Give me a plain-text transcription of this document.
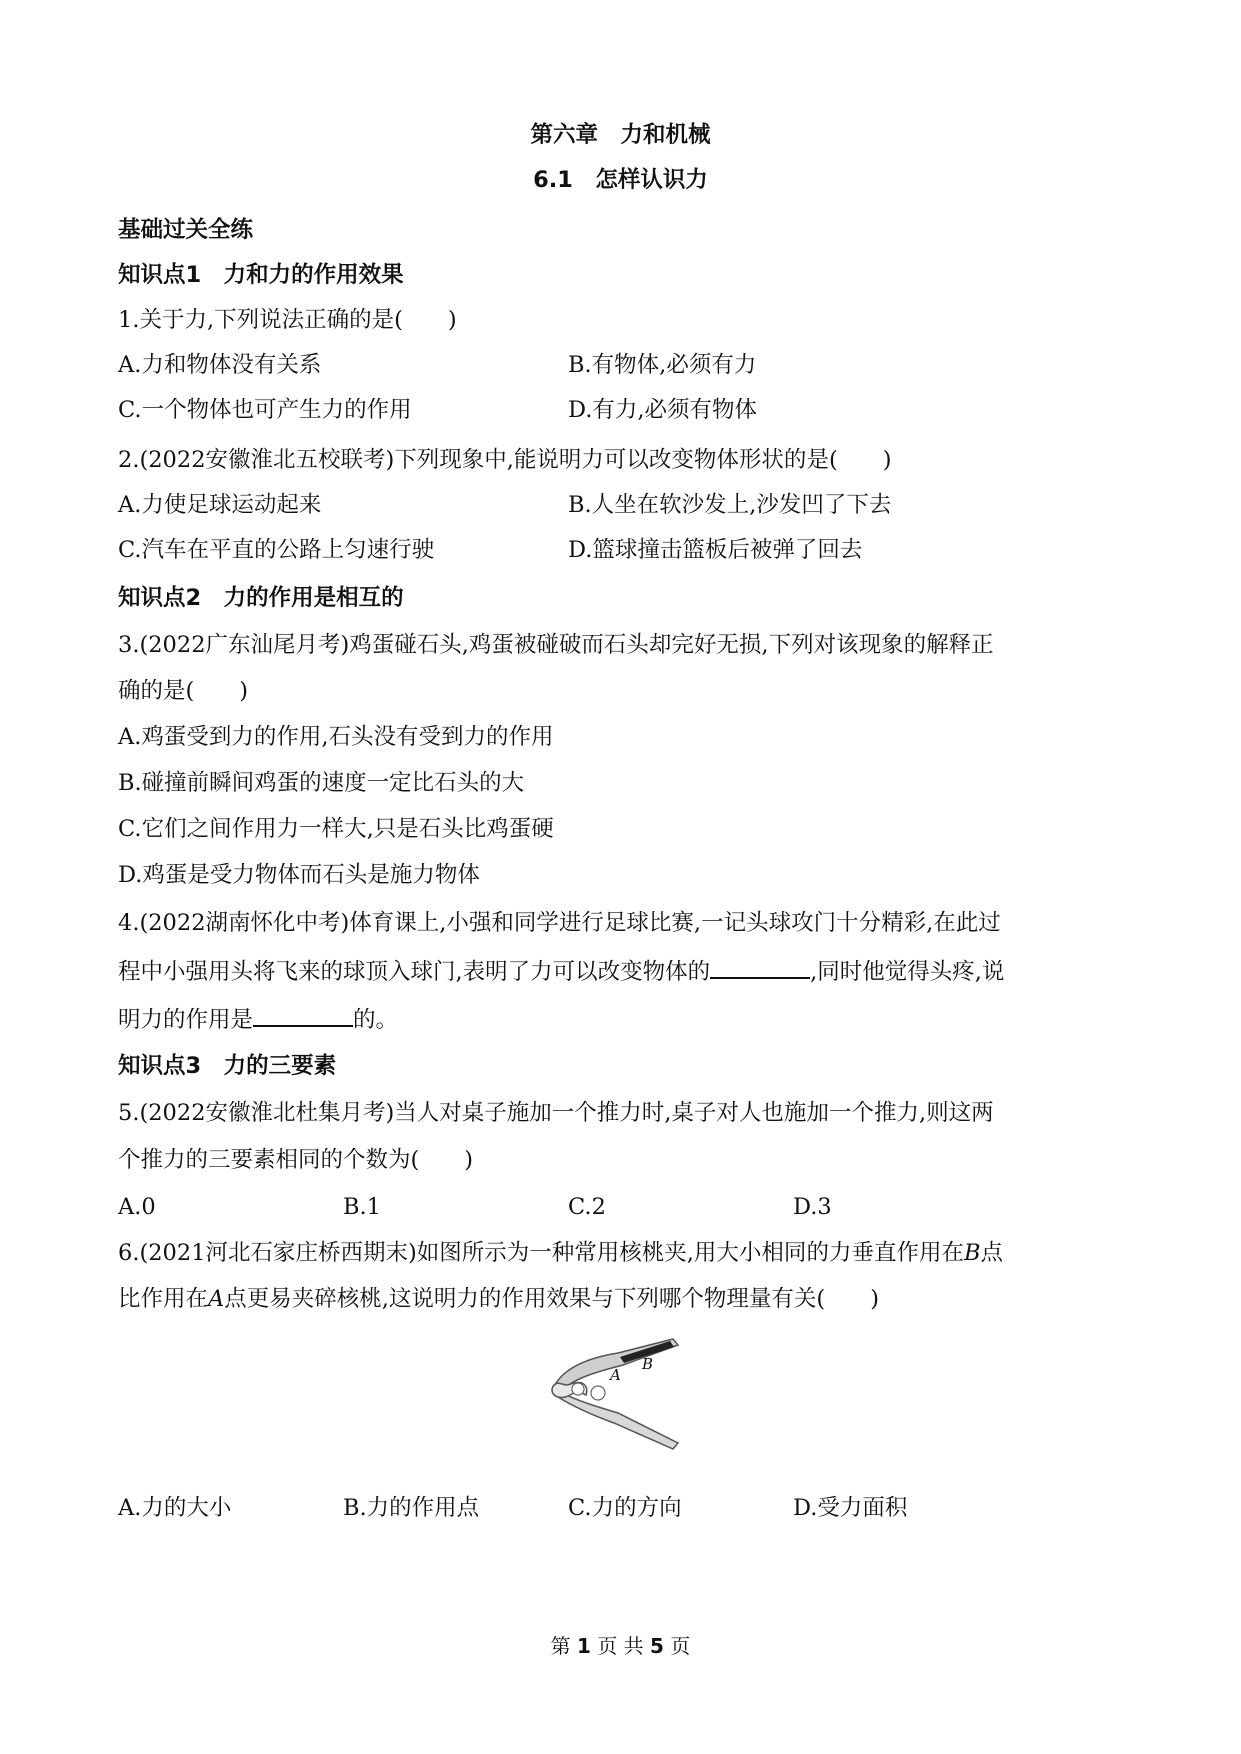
第六章　力和机械
6.1　怎样认识力
基础过关全练
知识点1　力和力的作用效果
1.关于力,下列说法正确的是(　　)
A.力和物体没有关系	B.有物体,必须有力
C.一个物体也可产生力的作用	D.有力,必须有物体
2.(2022安徽淮北五校联考)下列现象中,能说明力可以改变物体形状的是(　　)
A.力使足球运动起来	B.人坐在软沙发上,沙发凹了下去
C.汽车在平直的公路上匀速行驶	D.篮球撞击篮板后被弹了回去
知识点2　力的作用是相互的
3.(2022广东汕尾月考)鸡蛋碰石头,鸡蛋被碰破而石头却完好无损,下列对该现象的解释正
确的是(　　)
A.鸡蛋受到力的作用,石头没有受到力的作用
B.碰撞前瞬间鸡蛋的速度一定比石头的大
C.它们之间作用力一样大,只是石头比鸡蛋硬
D.鸡蛋是受力物体而石头是施力物体
4.(2022湖南怀化中考)体育课上,小强和同学进行足球比赛,一记头球攻门十分精彩,在此过
程中小强用头将飞来的球顶入球门,表明了力可以改变物体的	,同时他觉得头疼,说
明力的作用是	的。
知识点3　力的三要素
5.(2022安徽淮北杜集月考)当人对桌子施加一个推力时,桌子对人也施加一个推力,则这两
个推力的三要素相同的个数为(　　)
A.0	B.1	C.2	D.3
6.(2021河北石家庄桥西期末)如图所示为一种常用核桃夹,用大小相同的力垂直作用在B点
比作用在A点更易夹碎核桃,这说明力的作用效果与下列哪个物理量有关(　　)
A
B
A.力的大小	B.力的作用点	C.力的方向	D.受力面积
第 1 页 共 5 页
